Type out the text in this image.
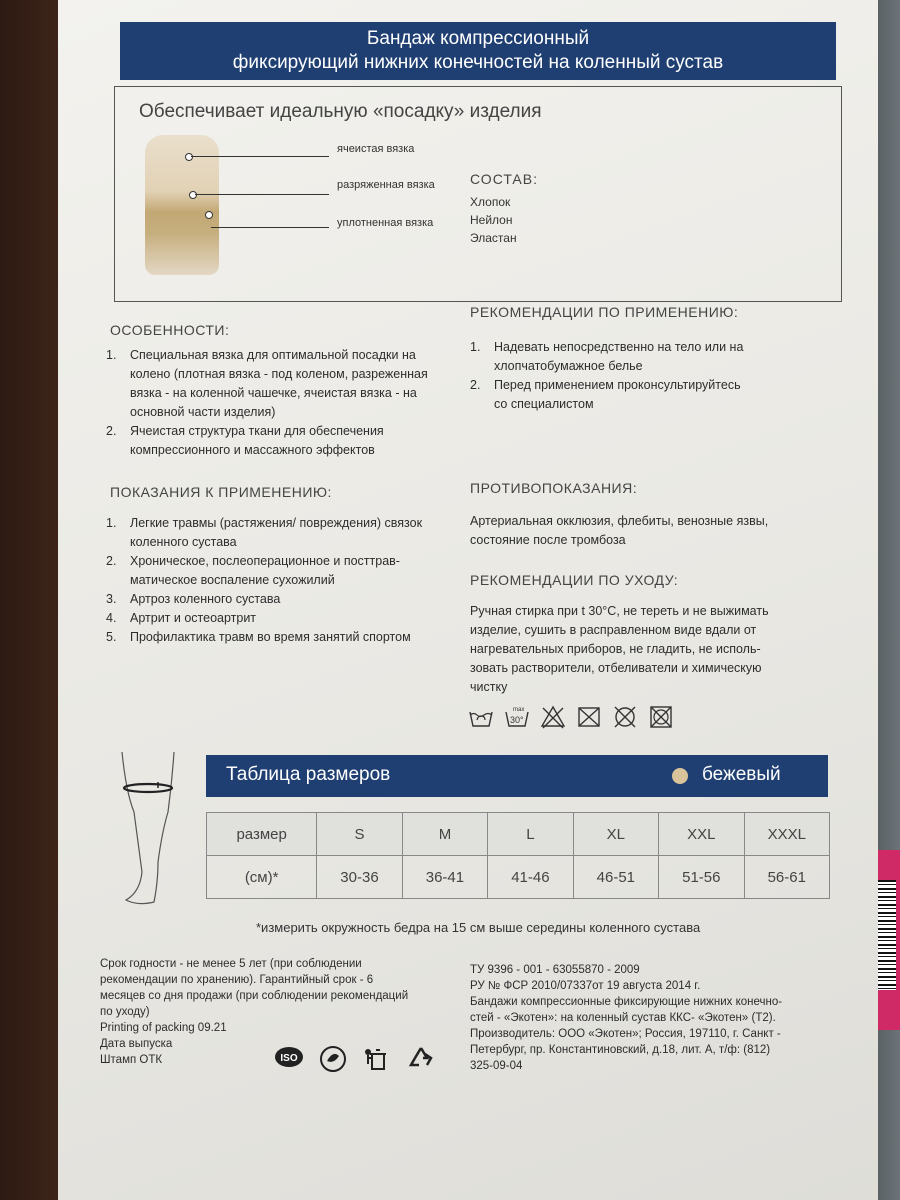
Бандаж компрессионный
фиксирующий нижних конечностей на коленный сустав
Обеспечивает идеальную «посадку» изделия
ячеистая вязка
разряженная вязка
уплотненная вязка
СОСТАВ:
Хлопок
Нейлон
Эластан
ОСОБЕННОСТИ:
1.	Специальная вязка для оптимальной посадки на
колено (плотная вязка - под коленом, разреженная
вязка - на коленной чашечке, ячеистая вязка - на
основной части изделия)
2.	Ячеистая структура ткани для обеспечения
компрессионного и массажного эффектов
РЕКОМЕНДАЦИИ ПО ПРИМЕНЕНИЮ:
1.	Надевать непосредственно на тело или на
хлопчатобумажное белье
2.	Перед применением проконсультируйтесь
со специалистом
ПОКАЗАНИЯ К ПРИМЕНЕНИЮ:
1.	Легкие травмы (растяжения/ повреждения) связок
коленного сустава
2.	Хроническое, послеоперационное и посттрав-
матическое воспаление сухожилий
3.	Артроз коленного сустава
4.	Артрит и остеоартрит
5.	Профилактика травм во время занятий спортом
ПРОТИВОПОКАЗАНИЯ:
Артериальная окклюзия, флебиты, венозные язвы,
состояние после тромбоза
РЕКОМЕНДАЦИИ ПО УХОДУ:
Ручная стирка при t 30°C, не тереть и не выжимать
изделие, сушить в расправленном виде вдали от
нагревательных приборов, не гладить, не исполь-
зовать растворители, отбеливатели и химическую
чистку
max
30°
Таблица размеров	бежевый
размер	S	M	L	XL	XXL	XXXL
(см)*	30-36	36-41	41-46	46-51	51-56	56-61
*измерить окружность бедра на 15 см выше середины коленного сустава
Срок годности - не менее 5 лет (при соблюдении
рекомендации по хранению). Гарантийный срок - 6
месяцев со дня продажи (при соблюдении рекомендаций
по уходу)
Printing of packing 09.21
Дата выпуска
Штамп ОТК	ISO
ТУ 9396 - 001 - 63055870 - 2009
РУ № ФСР 2010/07337от 19 августа 2014 г.
Бандажи компрессионные фиксирующие нижних конечно-
стей - «Экотен»: на коленный сустав ККС- «Экотен» (Т2).
Производитель: ООО «Экотен»; Россия, 197110, г. Санкт -
Петербург, пр. Константиновский, д.18, лит. А, т/ф: (812)
325-09-04
